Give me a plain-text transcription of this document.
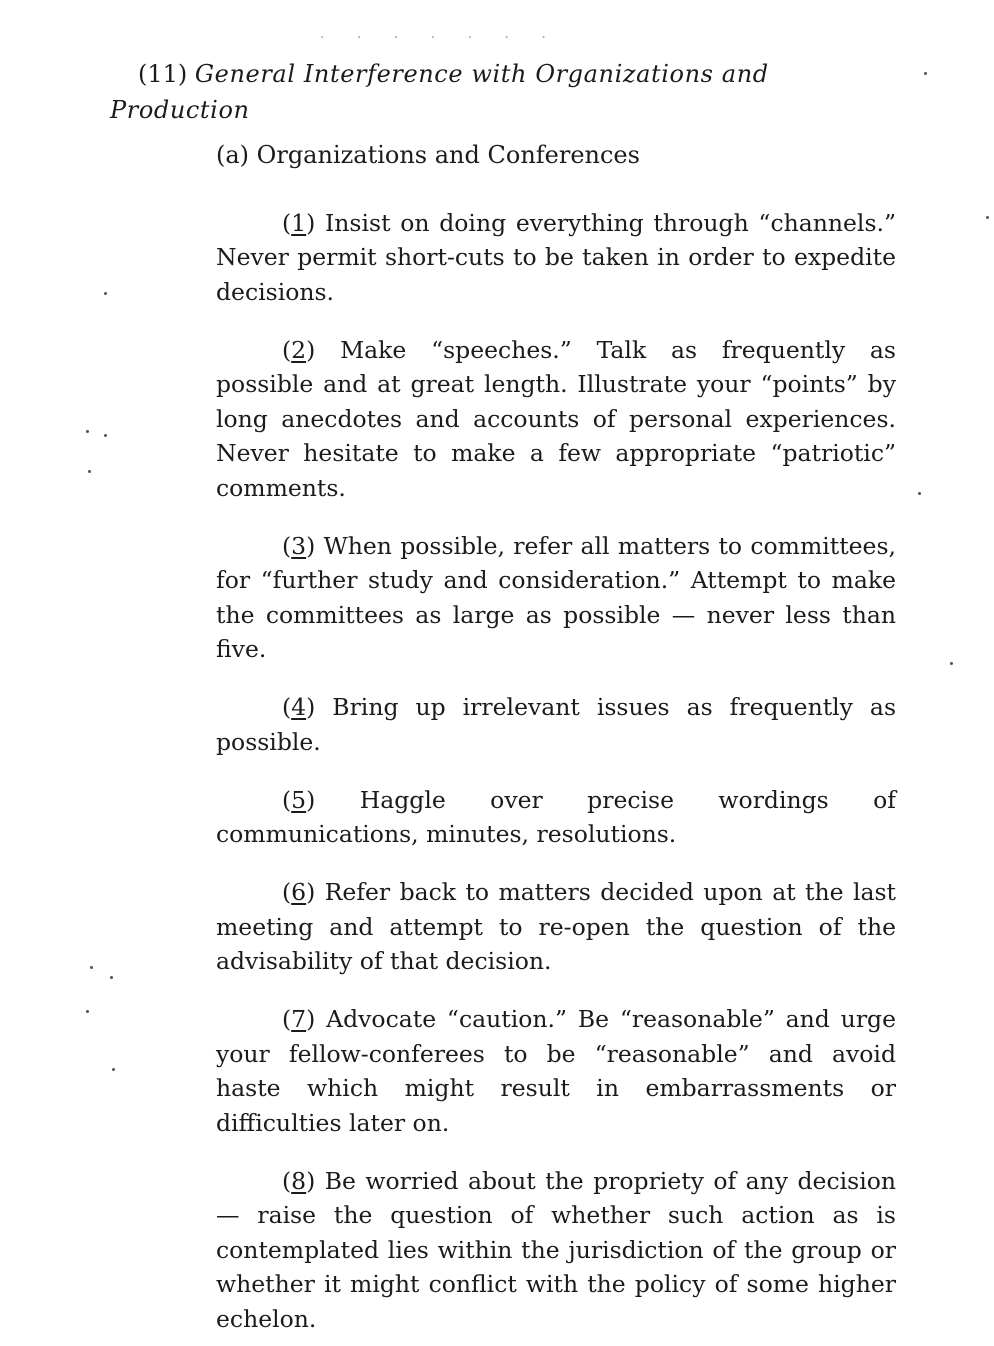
. . . . . . .
(11) General Interference with Organizations and Production
(a) Organizations and Conferences

(1) Insist on doing everything through “channels.” Never permit short-cuts to be taken in order to expedite decisions.

(2) Make “speeches.” Talk as frequently as possible and at great length. Illustrate your “points” by long anecdotes and accounts of personal experiences. Never hesitate to make a few appropriate “patriotic” comments.

(3) When possible, refer all matters to committees, for “further study and consideration.” Attempt to make the committees as large as possible — never less than five.

(4) Bring up irrelevant issues as frequently as possible.

(5) Haggle over precise wordings of communications, minutes, resolutions.

(6) Refer back to matters decided upon at the last meeting and attempt to re-open the question of the advisability of that decision.

(7) Advocate “caution.” Be “reasonable” and urge your fellow-conferees to be “reasonable” and avoid haste which might result in embarrassments or difficulties later on.

(8) Be worried about the propriety of any decision — raise the question of whether such action as is contemplated lies within the jurisdiction of the group or whether it might conflict with the policy of some higher echelon.
